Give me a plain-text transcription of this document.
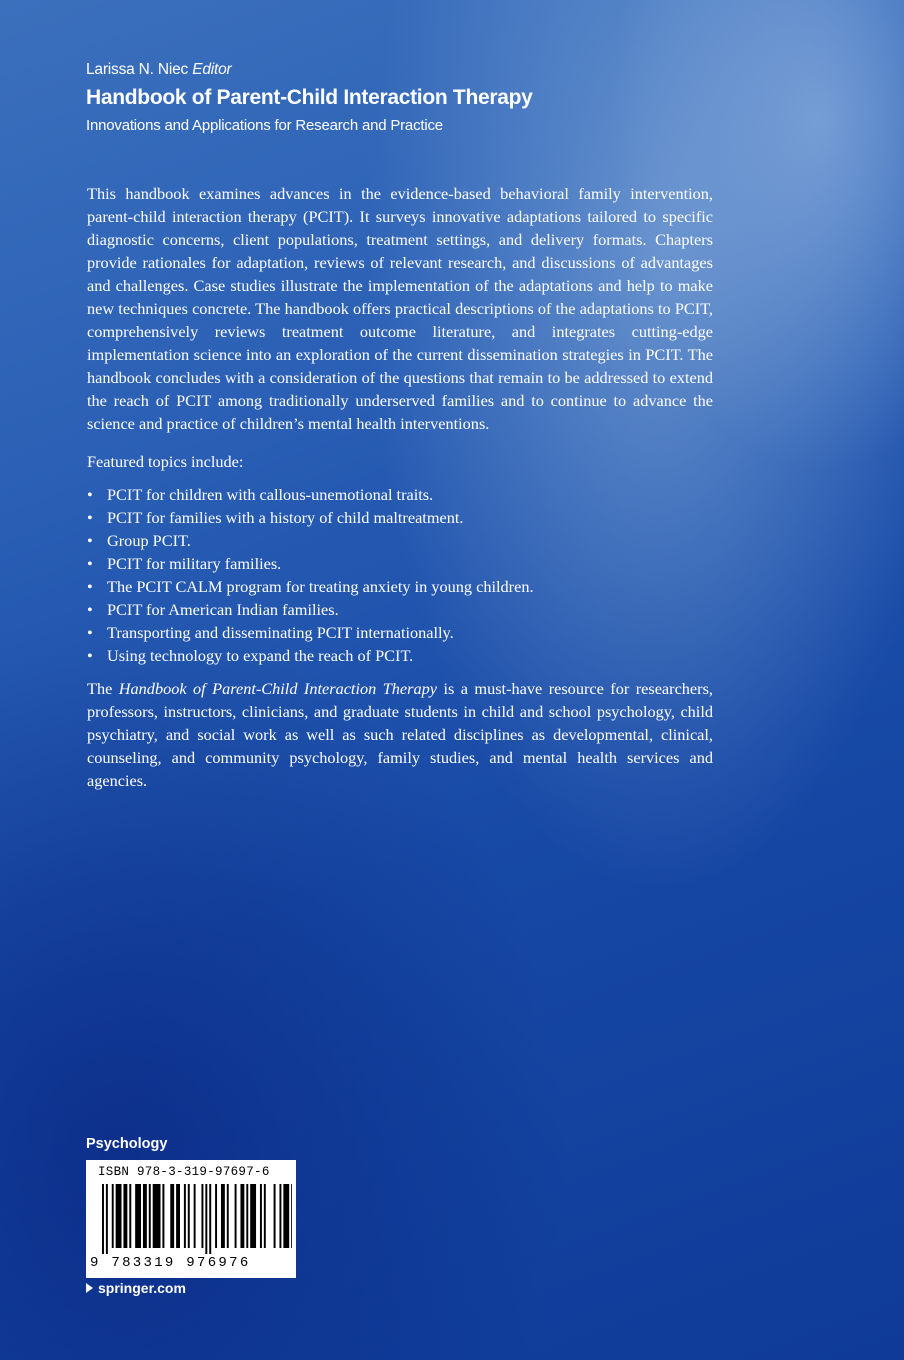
Larissa N. Niec Editor
Handbook of Parent-Child Interaction Therapy
Innovations and Applications for Research and Practice

This handbook examines advances in the evidence-based behavioral family intervention, parent-child interaction therapy (PCIT). It surveys innovative adaptations tailored to specific diagnostic concerns, client populations, treatment settings, and delivery formats. Chapters provide rationales for adaptation, reviews of relevant research, and discussions of advantages and challenges. Case studies illustrate the implementation of the adaptations and help to make new techniques concrete. The handbook offers practical descriptions of the adaptations to PCIT, comprehensively reviews treatment outcome literature, and integrates cutting-edge implementation science into an exploration of the current dissemination strategies in PCIT. The handbook concludes with a consideration of the questions that remain to be addressed to extend the reach of PCIT among traditionally underserved families and to continue to advance the science and practice of children’s mental health interventions.

Featured topics include:

• PCIT for children with callous-unemotional traits.
• PCIT for families with a history of child maltreatment.
• Group PCIT.
• PCIT for military families.
• The PCIT CALM program for treating anxiety in young children.
• PCIT for American Indian families.
• Transporting and disseminating PCIT internationally.
• Using technology to expand the reach of PCIT.

The Handbook of Parent-Child Interaction Therapy is a must-have resource for researchers, professors, instructors, clinicians, and graduate students in child and school psychology, child psychiatry, and social work as well as such related disciplines as developmental, clinical, counseling, and community psychology, family studies, and mental health services and agencies.

Psychology
ISBN 978-3-319-97697-6
9 783319 976976
springer.com
